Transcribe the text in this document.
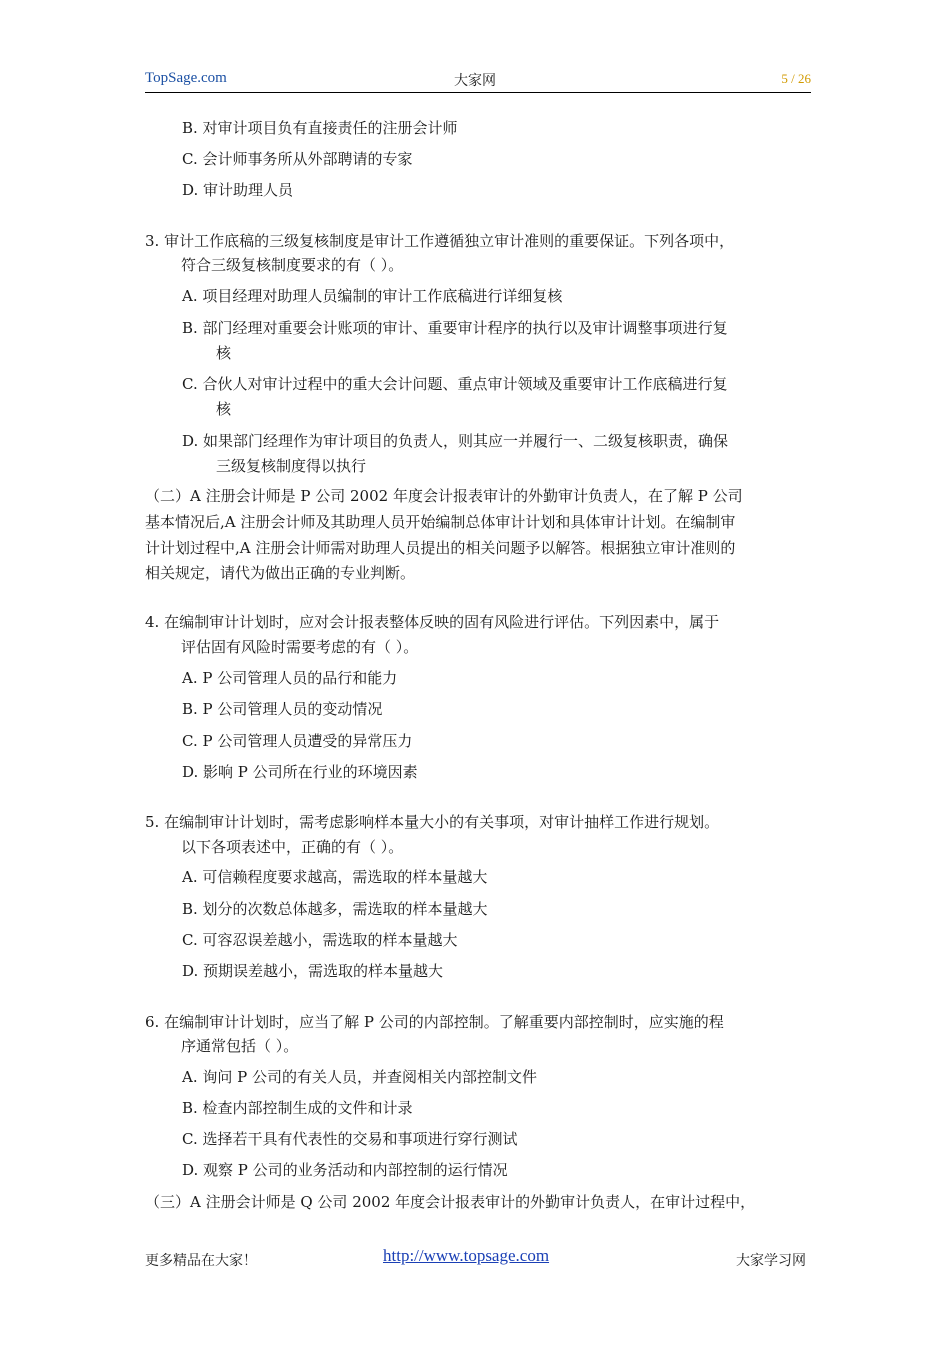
TopSage.com	大家网	5 / 26
B. 对审计项目负有直接责任的注册会计师
C. 会计师事务所从外部聘请的专家
D. 审计助理人员
3. 审计工作底稿的三级复核制度是审计工作遵循独立审计准则的重要保证。下列各项中，
符合三级复核制度要求的有（ ）。
A. 项目经理对助理人员编制的审计工作底稿进行详细复核
B. 部门经理对重要会计账项的审计、重要审计程序的执行以及审计调整事项进行复
核
C. 合伙人对审计过程中的重大会计问题、重点审计领域及重要审计工作底稿进行复
核
D. 如果部门经理作为审计项目的负责人，则其应一并履行一、二级复核职责，确保
三级复核制度得以执行
（二）A 注册会计师是 P 公司 2002 年度会计报表审计的外勤审计负责人，在了解 P 公司
基本情况后,A 注册会计师及其助理人员开始编制总体审计计划和具体审计计划。在编制审
计计划过程中,A 注册会计师需对助理人员提出的相关问题予以解答。根据独立审计准则的
相关规定，请代为做出正确的专业判断。
4. 在编制审计计划时，应对会计报表整体反映的固有风险进行评估。下列因素中，属于
评估固有风险时需要考虑的有（ ）。
A. P 公司管理人员的品行和能力
B. P 公司管理人员的变动情况
C. P 公司管理人员遭受的异常压力
D. 影响 P 公司所在行业的环境因素
5. 在编制审计计划时，需考虑影响样本量大小的有关事项，对审计抽样工作进行规划。
以下各项表述中，正确的有（ ）。
A. 可信赖程度要求越高，需选取的样本量越大
B. 划分的次数总体越多，需选取的样本量越大
C. 可容忍误差越小，需选取的样本量越大
D. 预期误差越小，需选取的样本量越大
6. 在编制审计计划时，应当了解 P 公司的内部控制。了解重要内部控制时，应实施的程
序通常包括（ ）。
A. 询问 P 公司的有关人员，并查阅相关内部控制文件
B. 检查内部控制生成的文件和计录
C. 选择若干具有代表性的交易和事项进行穿行测试
D. 观察 P 公司的业务活动和内部控制的运行情况
（三）A 注册会计师是 Q 公司 2002 年度会计报表审计的外勤审计负责人，在审计过程中，
更多精品在大家！	http://www.topsage.com	大家学习网
